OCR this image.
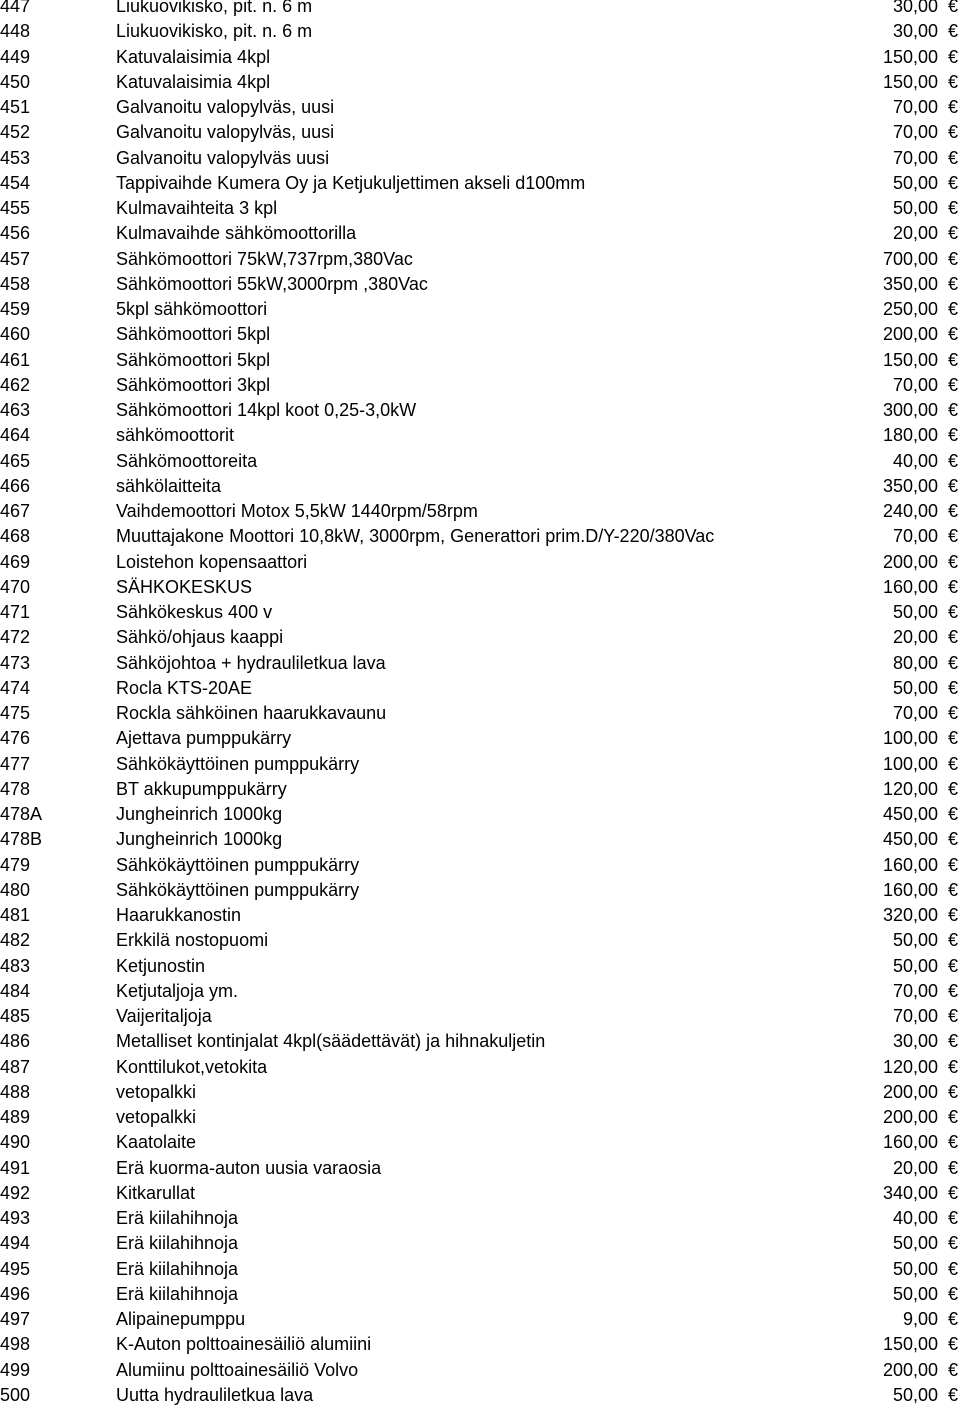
447	Liukuovikisko, pit. n. 6 m	30,00 €
448	Liukuovikisko, pit. n. 6 m	30,00 €
449	Katuvalaisimia 4kpl	150,00 €
450	Katuvalaisimia 4kpl	150,00 €
451	Galvanoitu valopylväs, uusi	70,00 €
452	Galvanoitu valopylväs, uusi	70,00 €
453	Galvanoitu valopylväs uusi	70,00 €
454	Tappivaihde Kumera Oy ja Ketjukuljettimen akseli d100mm	50,00 €
455	Kulmavaihteita 3 kpl	50,00 €
456	Kulmavaihde sähkömoottorilla	20,00 €
457	Sähkömoottori 75kW,737rpm,380Vac	700,00 €
458	Sähkömoottori 55kW,3000rpm ,380Vac	350,00 €
459	5kpl sähkömoottori	250,00 €
460	Sähkömoottori 5kpl	200,00 €
461	Sähkömoottori 5kpl	150,00 €
462	Sähkömoottori 3kpl	70,00 €
463	Sähkömoottori 14kpl koot 0,25-3,0kW	300,00 €
464	sähkömoottorit	180,00 €
465	Sähkömoottoreita	40,00 €
466	sähkölaitteita	350,00 €
467	Vaihdemoottori Motox 5,5kW 1440rpm/58rpm	240,00 €
468	Muuttajakone Moottori 10,8kW, 3000rpm, Generattori prim.D/Y-220/380Vac	70,00 €
469	Loistehon kopensaattori	200,00 €
470	SÄHKOKESKUS	160,00 €
471	Sähkökeskus 400 v	50,00 €
472	Sähkö/ohjaus kaappi	20,00 €
473	Sähköjohtoa + hydrauliletkua lava	80,00 €
474	Rocla KTS-20AE	50,00 €
475	Rockla sähköinen haarukkavaunu	70,00 €
476	Ajettava pumppukärry	100,00 €
477	Sähkökäyttöinen pumppukärry	100,00 €
478	BT akkupumppukärry	120,00 €
478A	Jungheinrich 1000kg	450,00 €
478B	Jungheinrich 1000kg	450,00 €
479	Sähkökäyttöinen pumppukärry	160,00 €
480	Sähkökäyttöinen pumppukärry	160,00 €
481	Haarukkanostin	320,00 €
482	Erkkilä nostopuomi	50,00 €
483	Ketjunostin	50,00 €
484	Ketjutaljoja ym.	70,00 €
485	Vaijeritaljoja	70,00 €
486	Metalliset kontinjalat 4kpl(säädettävät) ja hihnakuljetin	30,00 €
487	Konttilukot,vetokita	120,00 €
488	vetopalkki	200,00 €
489	vetopalkki	200,00 €
490	Kaatolaite	160,00 €
491	Erä kuorma-auton uusia varaosia	20,00 €
492	Kitkarullat	340,00 €
493	Erä kiilahihnoja	40,00 €
494	Erä kiilahihnoja	50,00 €
495	Erä kiilahihnoja	50,00 €
496	Erä kiilahihnoja	50,00 €
497	Alipainepumppu	9,00 €
498	K-Auton polttoainesäiliö alumiini	150,00 €
499	Alumiinu polttoainesäiliö Volvo	200,00 €
500	Uutta hydrauliletkua lava	50,00 €
